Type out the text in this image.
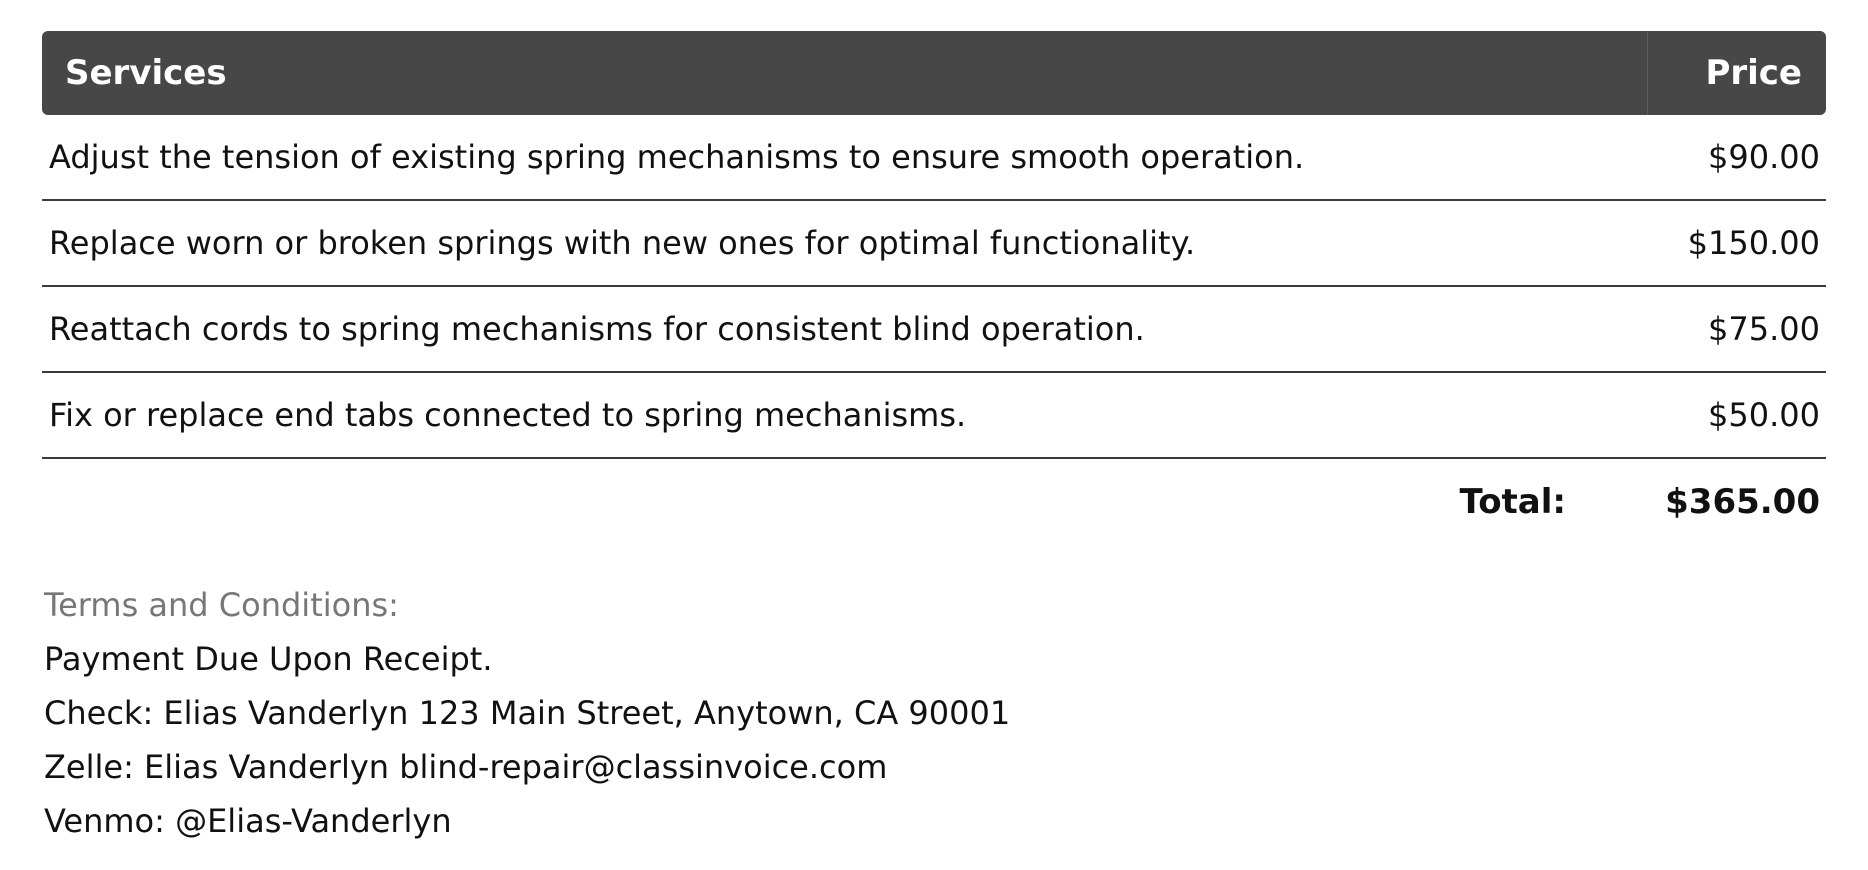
Services	Price
Adjust the tension of existing spring mechanisms to ensure smooth operation.	$90.00
Replace worn or broken springs with new ones for optimal functionality.	$150.00
Reattach cords to spring mechanisms for consistent blind operation.	$75.00
Fix or replace end tabs connected to spring mechanisms.	$50.00
Total:	$365.00
Terms and Conditions:
Payment Due Upon Receipt.
Check: Elias Vanderlyn 123 Main Street, Anytown, CA 90001
Zelle: Elias Vanderlyn blind-repair@classinvoice.com
Venmo: @Elias-Vanderlyn
